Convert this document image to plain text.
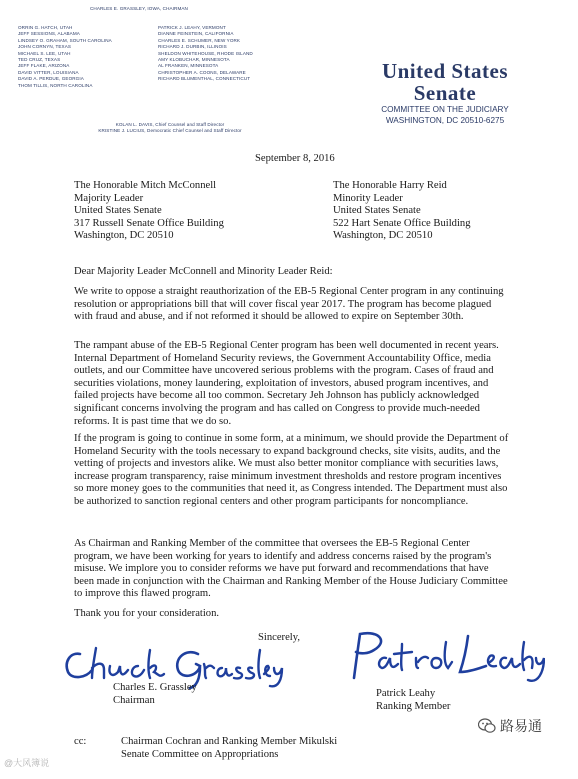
CHARLES E. GRASSLEY, IOWA, CHAIRMAN
ORRIN G. HATCH, UTAH
JEFF SESSIONS, ALABAMA
LINDSEY O. GRAHAM, SOUTH CAROLINA
JOHN CORNYN, TEXAS
MICHAEL S. LEE, UTAH
TED CRUZ, TEXAS
JEFF FLAKE, ARIZONA
DAVID VITTER, LOUISIANA
DAVID A. PERDUE, GEORGIA
THOM TILLIS, NORTH CAROLINA
PATRICK J. LEAHY, VERMONT
DIANNE FEINSTEIN, CALIFORNIA
CHARLES E. SCHUMER, NEW YORK
RICHARD J. DURBIN, ILLINOIS
SHELDON WHITEHOUSE, RHODE ISLAND
AMY KLOBUCHAR, MINNESOTA
AL FRANKEN, MINNESOTA
CHRISTOPHER A. COONS, DELAWARE
RICHARD BLUMENTHAL, CONNECTICUT
KOLAN L. DAVIS, Chief Counsel and Staff Director
KRISTINE J. LUCIUS, Democratic Chief Counsel and Staff Director
United States Senate
COMMITTEE ON THE JUDICIARY
WASHINGTON, DC 20510-6275
September 8, 2016
The Honorable Mitch McConnell
Majority Leader
United States Senate
317 Russell Senate Office Building
Washington, DC 20510
The Honorable Harry Reid
Minority Leader
United States Senate
522 Hart Senate Office Building
Washington, DC 20510
Dear Majority Leader McConnell and Minority Leader Reid:
We write to oppose a straight reauthorization of the EB-5 Regional Center program in any continuing
resolution or appropriations bill that will cover fiscal year 2017. The program has become plagued
with fraud and abuse, and if not reformed it should be allowed to expire on September 30th.
The rampant abuse of the EB-5 Regional Center program has been well documented in recent years.
Internal Department of Homeland Security reviews, the Government Accountability Office, media
outlets, and our Committee have uncovered serious problems with the program. Cases of fraud and
securities violations, money laundering, exploitation of investors, abused program incentives, and
failed projects have become all too common. Secretary Jeh Johnson has publicly acknowledged
significant concerns involving the program and has called on Congress to provide much-needed
reforms. It is past time that we do so.
If the program is going to continue in some form, at a minimum, we should provide the Department of
Homeland Security with the tools necessary to expand background checks, site visits, audits, and the
vetting of projects and investors alike. We must also better monitor compliance with securities laws,
increase program transparency, raise minimum investment thresholds and restore program incentives
so more money goes to the communities that need it, as Congress intended. The Department must also
be authorized to sanction regional centers and other program participants for noncompliance.
As Chairman and Ranking Member of the committee that oversees the EB-5 Regional Center
program, we have been working for years to identify and address concerns raised by the program's
misuse. We implore you to consider reforms we have put forward and recommendations that have
been made in conjunction with the Chairman and Ranking Member of the House Judiciary Committee
to improve this flawed program.
Thank you for your consideration.
Sincerely,
Charles E. Grassley
Chairman
Patrick Leahy
Ranking Member
cc:	Chairman Cochran and Ranking Member Mikulski
Senate Committee on Appropriations
@大风簿说
路易通
